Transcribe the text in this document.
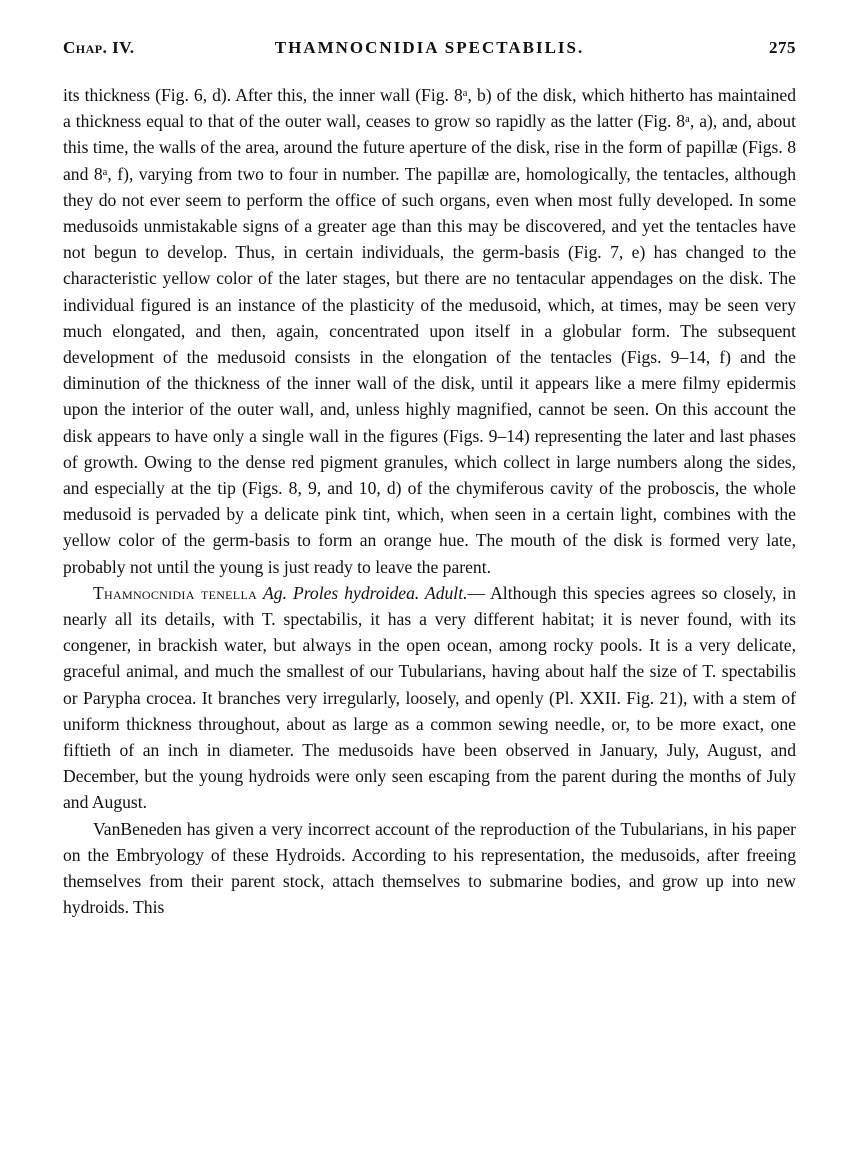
Chap. IV.	THAMNOCNIDIA SPECTABILIS.	275

its thickness (Fig. 6, d). After this, the inner wall (Fig. 8ᵃ, b) of the disk, which hitherto has maintained a thickness equal to that of the outer wall, ceases to grow so rapidly as the latter (Fig. 8ᵃ, a), and, about this time, the walls of the area, around the future aperture of the disk, rise in the form of papillæ (Figs. 8 and 8ᵃ, f), varying from two to four in number. The papillæ are, homologically, the tentacles, although they do not ever seem to perform the office of such organs, even when most fully developed. In some medusoids unmistakable signs of a greater age than this may be discovered, and yet the tentacles have not begun to develop. Thus, in certain individuals, the germ-basis (Fig. 7, e) has changed to the characteristic yellow color of the later stages, but there are no tentacular appendages on the disk. The individual figured is an instance of the plasticity of the medusoid, which, at times, may be seen very much elongated, and then, again, concentrated upon itself in a globular form. The subsequent development of the medusoid consists in the elongation of the tentacles (Figs. 9–14, f) and the diminution of the thickness of the inner wall of the disk, until it appears like a mere filmy epidermis upon the interior of the outer wall, and, unless highly magnified, cannot be seen. On this account the disk appears to have only a single wall in the figures (Figs. 9–14) representing the later and last phases of growth. Owing to the dense red pigment granules, which collect in large numbers along the sides, and especially at the tip (Figs. 8, 9, and 10, d) of the chymiferous cavity of the proboscis, the whole medusoid is pervaded by a delicate pink tint, which, when seen in a certain light, combines with the yellow color of the germ-basis to form an orange hue. The mouth of the disk is formed very late, probably not until the young is just ready to leave the parent.

Thamnocnidia tenella Ag. Proles hydroidea. Adult.— Although this species agrees so closely, in nearly all its details, with T. spectabilis, it has a very different habitat; it is never found, with its congener, in brackish water, but always in the open ocean, among rocky pools. It is a very delicate, graceful animal, and much the smallest of our Tubularians, having about half the size of T. spectabilis or Parypha crocea. It branches very irregularly, loosely, and openly (Pl. XXII. Fig. 21), with a stem of uniform thickness throughout, about as large as a common sewing needle, or, to be more exact, one fiftieth of an inch in diameter. The medusoids have been observed in January, July, August, and December, but the young hydroids were only seen escaping from the parent during the months of July and August.

VanBeneden has given a very incorrect account of the reproduction of the Tubularians, in his paper on the Embryology of these Hydroids. According to his representation, the medusoids, after freeing themselves from their parent stock, attach themselves to submarine bodies, and grow up into new hydroids. This
